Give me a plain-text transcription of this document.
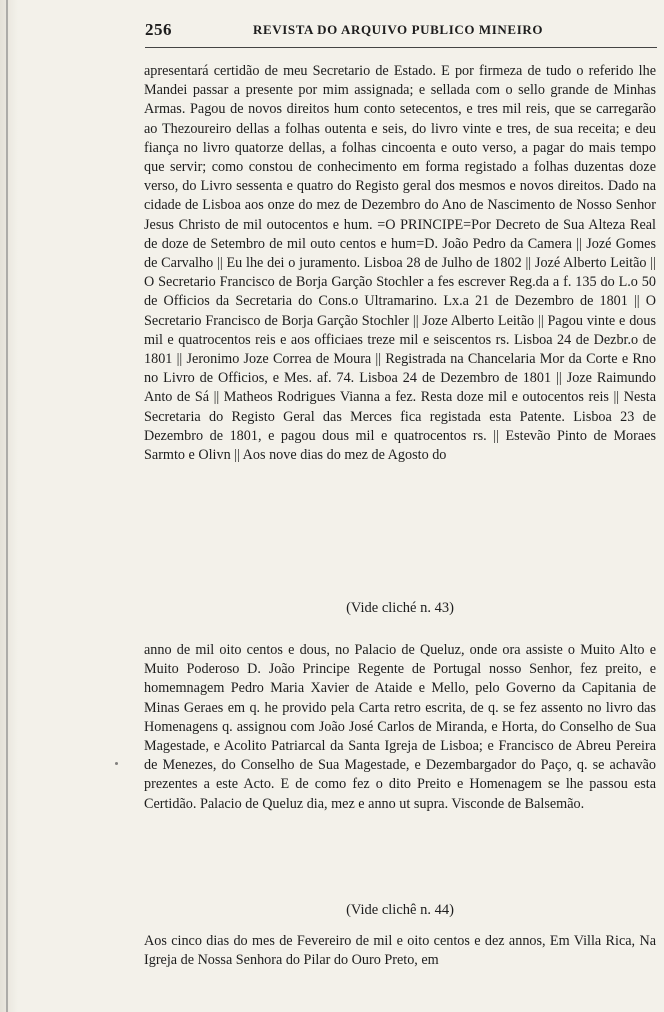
256	REVISTA DO ARQUIVO PUBLICO MINEIRO

apresentará certidão de meu Secretario de Estado. E por firmeza de tudo o referido lhe Mandei passar a presente por mim assignada; e sellada com o sello grande de Minhas Armas. Pagou de novos direitos hum conto setecentos, e tres mil reis, que se carregarão ao Thezoureiro dellas a folhas outenta e seis, do livro vinte e tres, de sua receita; e deu fiança no livro quatorze dellas, a folhas cincoenta e outo verso, a pagar do mais tempo que servir; como constou de conhecimento em forma registado a folhas duzentas doze verso, do Livro sessenta e quatro do Registo geral dos mesmos e novos direitos. Dado na cidade de Lisboa aos onze do mez de Dezembro do Ano de Nascimento de Nosso Senhor Jesus Christo de mil outocentos e hum. =O PRINCIPE=Por Decreto de Sua Alteza Real de doze de Setembro de mil outo centos e hum=D. João Pedro da Camera || Jozé Gomes de Carvalho || Eu lhe dei o juramento. Lisboa 28 de Julho de 1802 || Jozé Alberto Leitão || O Secretario Francisco de Borja Garção Stochler a fes escrever Reg.da a f. 135 do L.o 50 de Officios da Secretaria do Cons.o Ultramarino. Lx.a 21 de Dezembro de 1801 || O Secretario Francisco de Borja Garção Stochler || Joze Alberto Leitão || Pagou vinte e dous mil e quatrocentos reis e aos officiaes treze mil e seiscentos rs. Lisboa 24 de Dezbr.o de 1801 || Jeronimo Joze Correa de Moura || Registrada na Chancelaria Mor da Corte e Rno no Livro de Officios, e Mes. af. 74. Lisboa 24 de Dezembro de 1801 || Joze Raimundo Anto de Sá || Matheos Rodrigues Vianna a fez. Resta doze mil e outocentos reis || Nesta Secretaria do Registo Geral das Merces fica registada esta Patente. Lisboa 23 de Dezembro de 1801, e pagou dous mil e quatrocentos rs. || Estevão Pinto de Moraes Sarmto e Olivn || Aos nove dias do mez de Agosto do

(Vide cliché n. 43)

anno de mil oito centos e dous, no Palacio de Queluz, onde ora assiste o Muito Alto e Muito Poderoso D. João Principe Regente de Portugal nosso Senhor, fez preito, e homemnagem Pedro Maria Xavier de Ataide e Mello, pelo Governo da Capitania de Minas Geraes em q. he provido pela Carta retro escrita, de q. se fez assento no livro das Homenagens q. assignou com João José Carlos de Miranda, e Horta, do Conselho de Sua Magestade, e Acolito Patriarcal da Santa Igreja de Lisboa; e Francisco de Abreu Pereira de Menezes, do Conselho de Sua Magestade, e Dezembargador do Paço, q. se achavão prezentes a este Acto. E de como fez o dito Preito e Homenagem se lhe passou esta Certidão. Palacio de Queluz dia, mez e anno ut supra. Visconde de Balsemão.

(Vide clichê n. 44)

Aos cinco dias do mes de Fevereiro de mil e oito centos e dez annos, Em Villa Rica, Na Igreja de Nossa Senhora do Pilar do Ouro Preto, em
